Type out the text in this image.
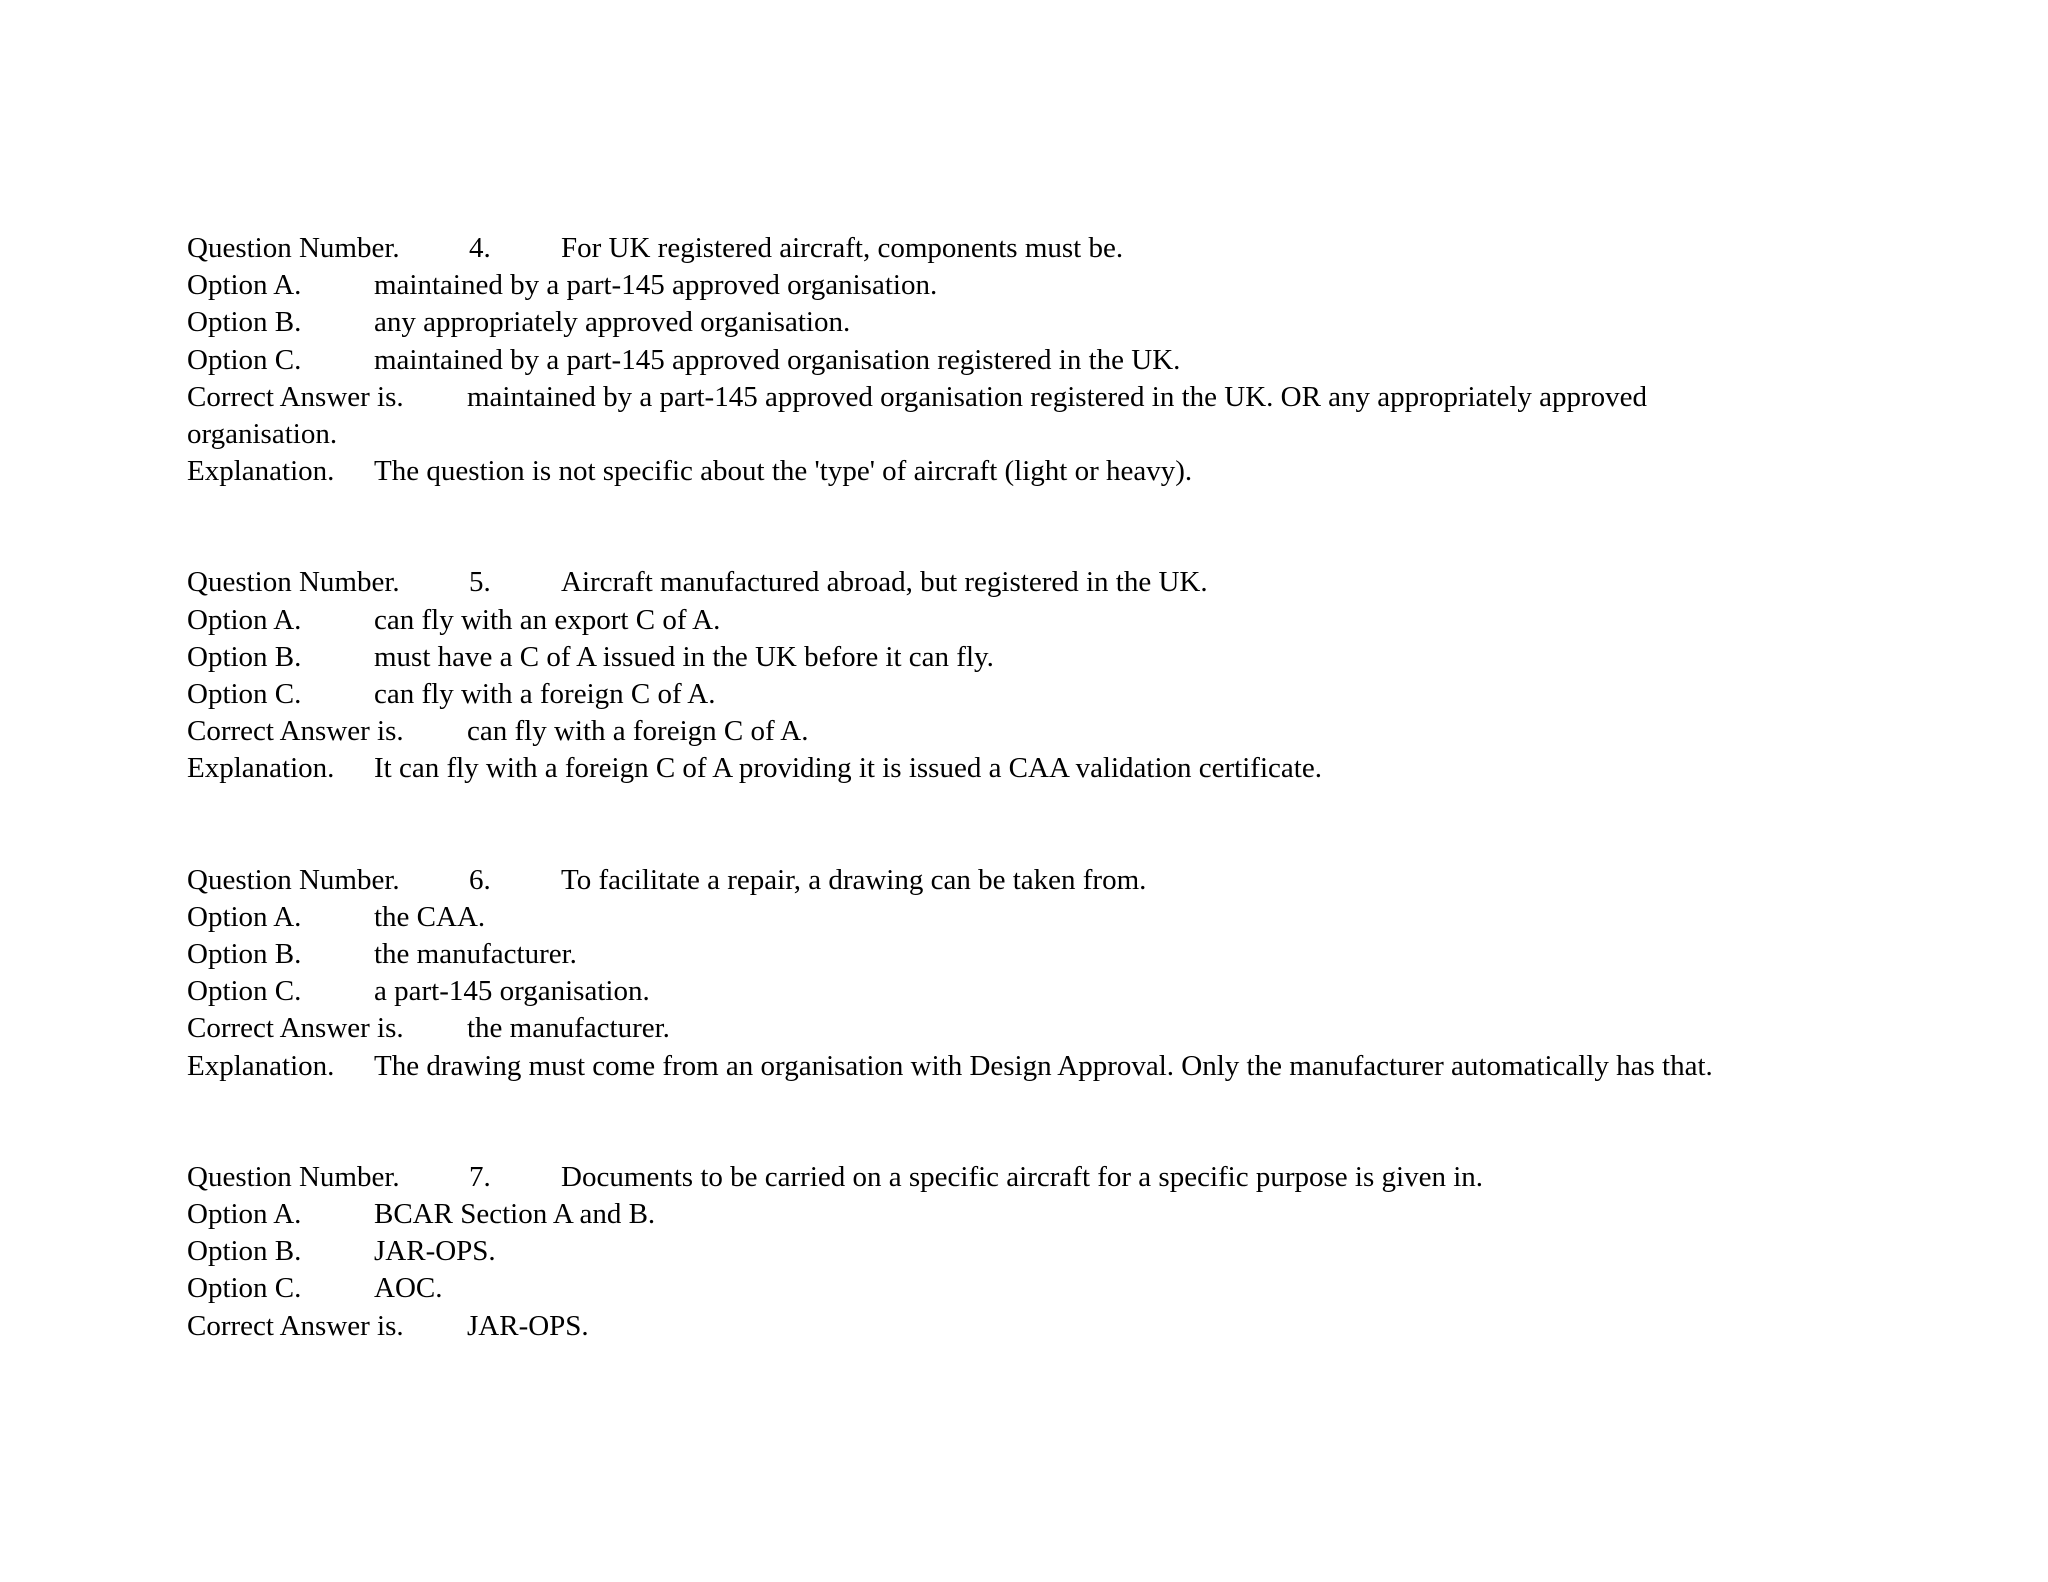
Question Number. 4. For UK registered aircraft, components must be.
Option A.	maintained by a part-145 approved organisation.
Option B.	any appropriately approved organisation.
Option C.	maintained by a part-145 approved organisation registered in the UK.
Correct Answer is. maintained by a part-145 approved organisation registered in the UK. OR any appropriately approved
organisation.
Explanation. The question is not specific about the 'type' of aircraft (light or heavy).
Question Number. 5. Aircraft manufactured abroad, but registered in the UK.
Option A.	can fly with an export C of A.
Option B.	must have a C of A issued in the UK before it can fly.
Option C.	can fly with a foreign C of A.
Correct Answer is. can fly with a foreign C of A.
Explanation. It can fly with a foreign C of A providing it is issued a CAA validation certificate.
Question Number. 6. To facilitate a repair, a drawing can be taken from.
Option A.	the CAA.
Option B.	the manufacturer.
Option C.	a part-145 organisation.
Correct Answer is. the manufacturer.
Explanation. The drawing must come from an organisation with Design Approval. Only the manufacturer automatically has that.
Question Number. 7. Documents to be carried on a specific aircraft for a specific purpose is given in.
Option A.	BCAR Section A and B.
Option B.	JAR-OPS.
Option C.	AOC.
Correct Answer is. JAR-OPS.
